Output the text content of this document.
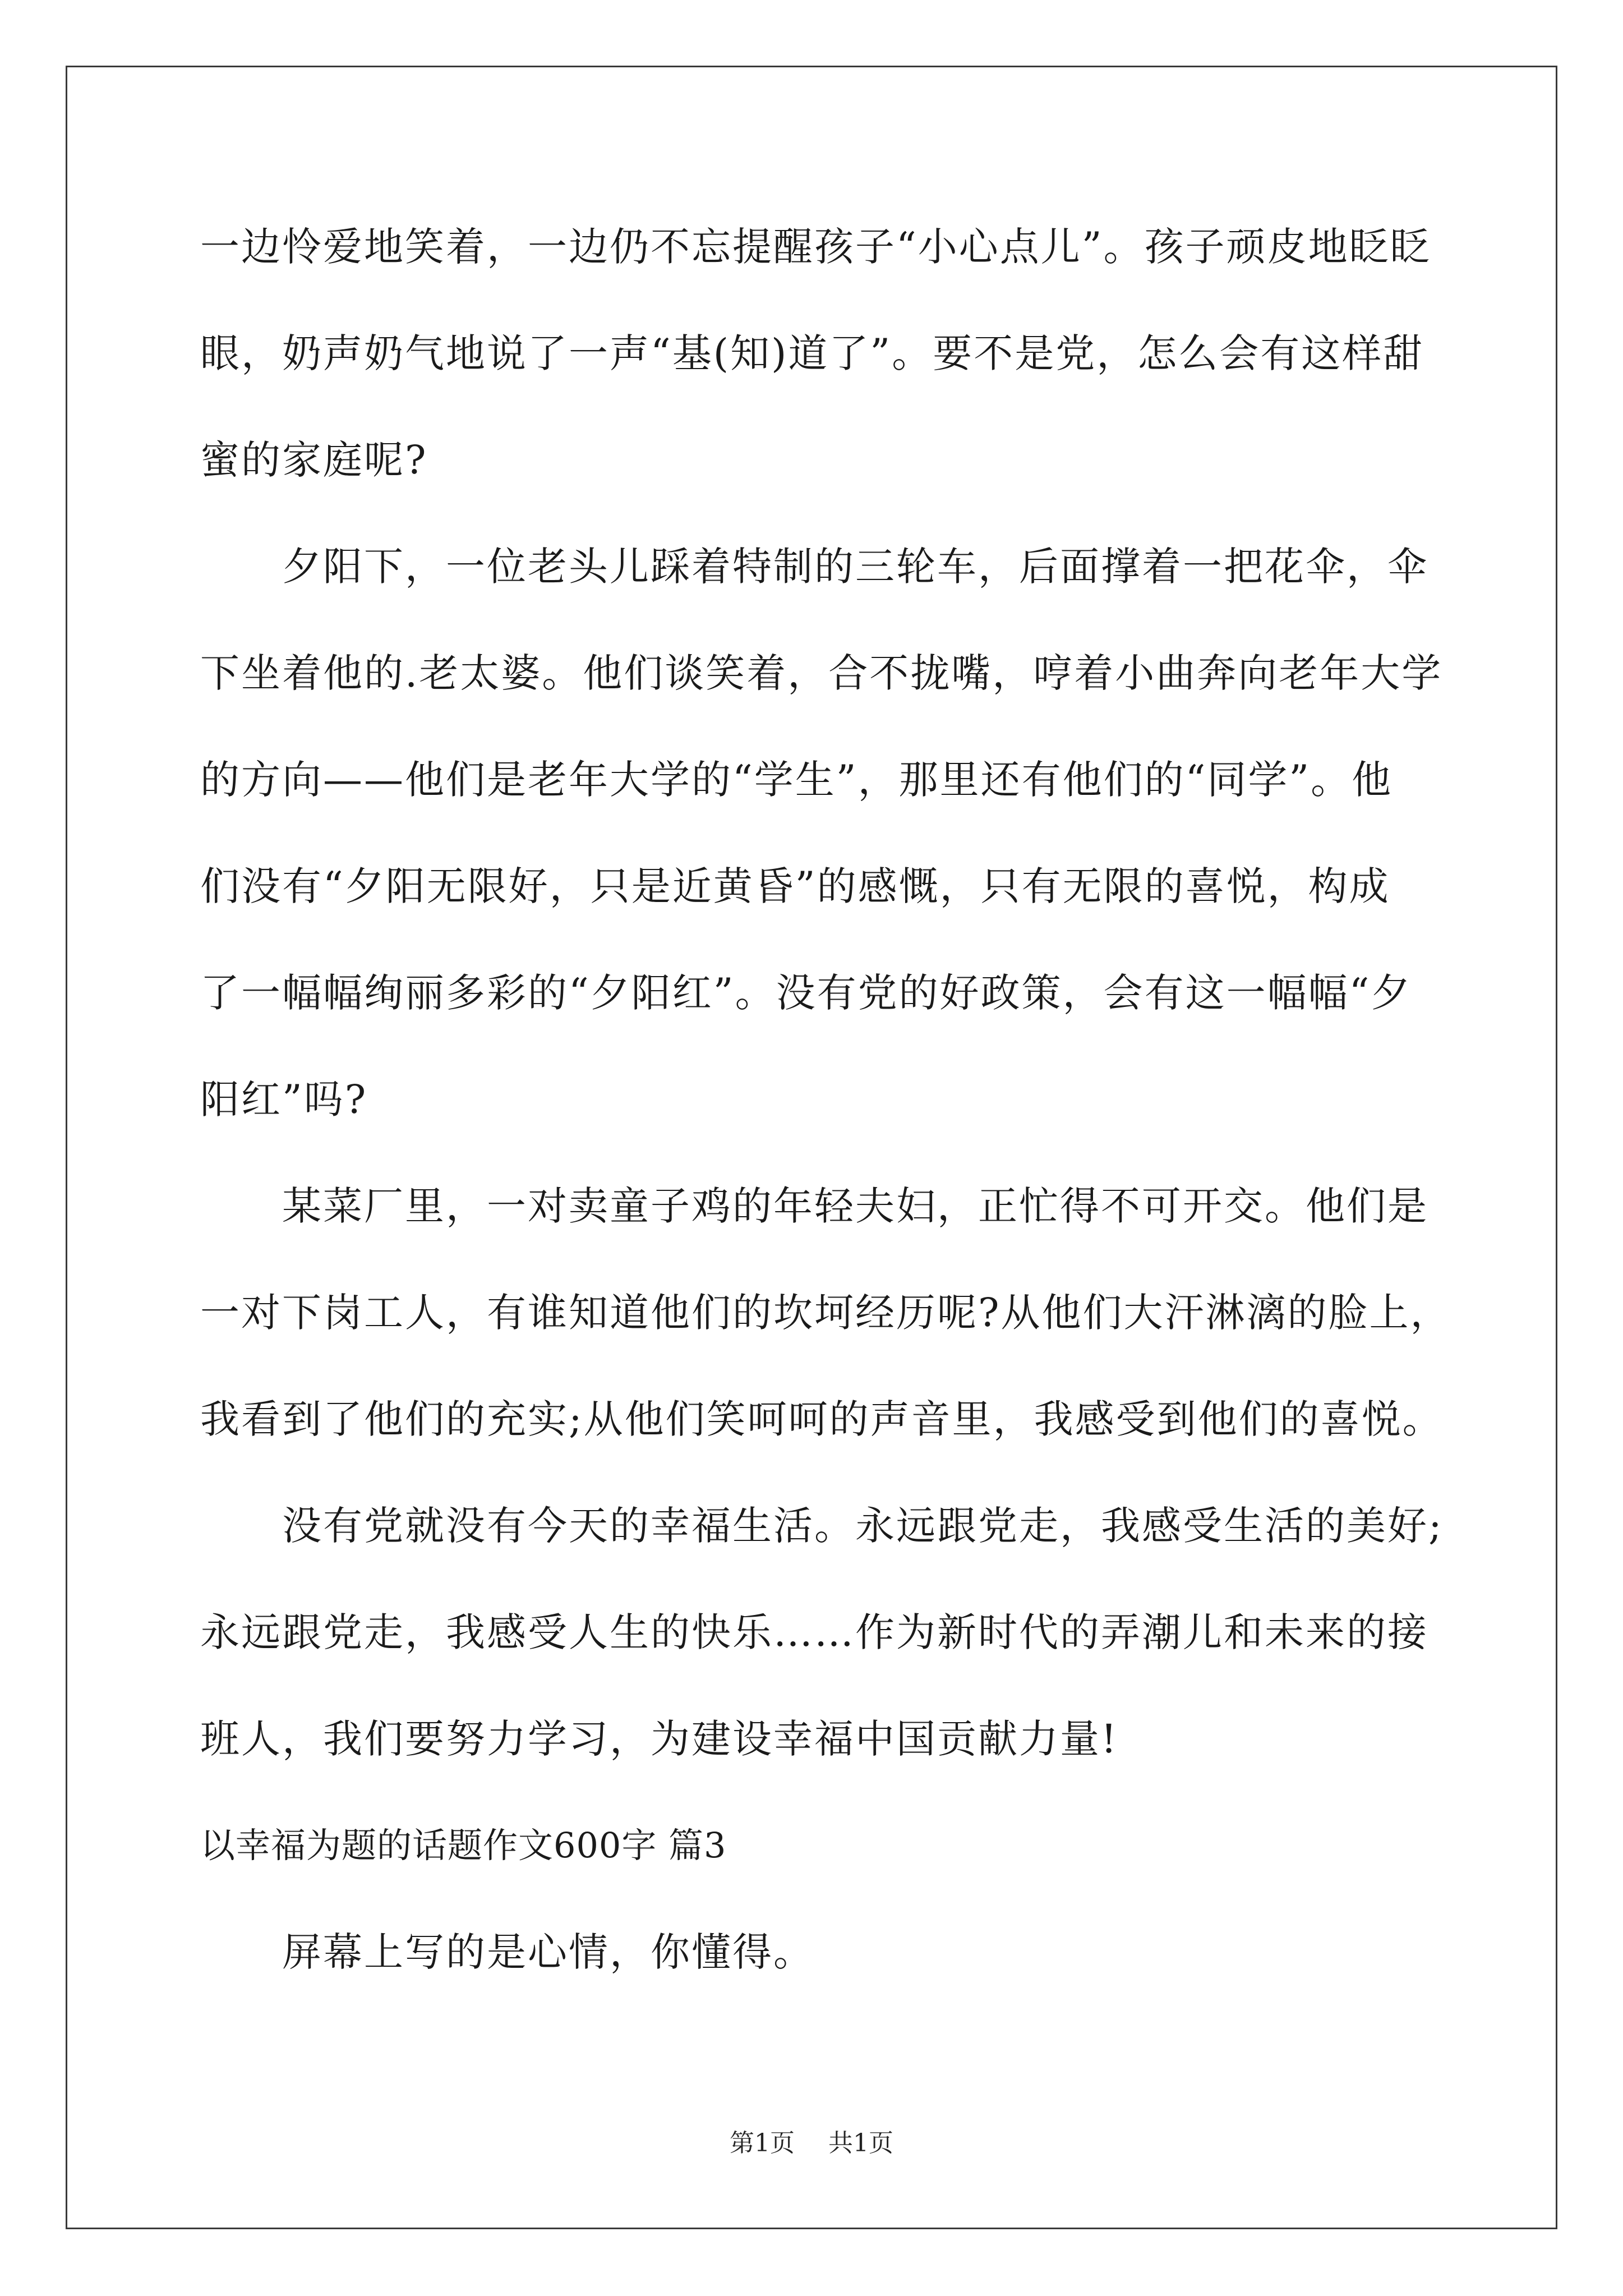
一边怜爱地笑着，一边仍不忘提醒孩子“小心点儿”。孩子顽皮地眨眨
眼，奶声奶气地说了一声“基(知)道了”。要不是党，怎么会有这样甜
蜜的家庭呢?
　　夕阳下，一位老头儿踩着特制的三轮车，后面撑着一把花伞，伞
下坐着他的.老太婆。他们谈笑着，合不拢嘴，哼着小曲奔向老年大学
的方向——他们是老年大学的“学生”，那里还有他们的“同学”。他
们没有“夕阳无限好，只是近黄昏”的感慨，只有无限的喜悦，构成
了一幅幅绚丽多彩的“夕阳红”。没有党的好政策，会有这一幅幅“夕
阳红”吗?
　　某菜厂里，一对卖童子鸡的年轻夫妇，正忙得不可开交。他们是
一对下岗工人，有谁知道他们的坎坷经历呢?从他们大汗淋漓的脸上，
我看到了他们的充实;从他们笑呵呵的声音里，我感受到他们的喜悦。
　　没有党就没有今天的幸福生活。永远跟党走，我感受生活的美好;
永远跟党走，我感受人生的快乐……作为新时代的弄潮儿和未来的接
班人，我们要努力学习，为建设幸福中国贡献力量!
以幸福为题的话题作文600字 篇3
　　屏幕上写的是心情，你懂得。
第1页 共1页
